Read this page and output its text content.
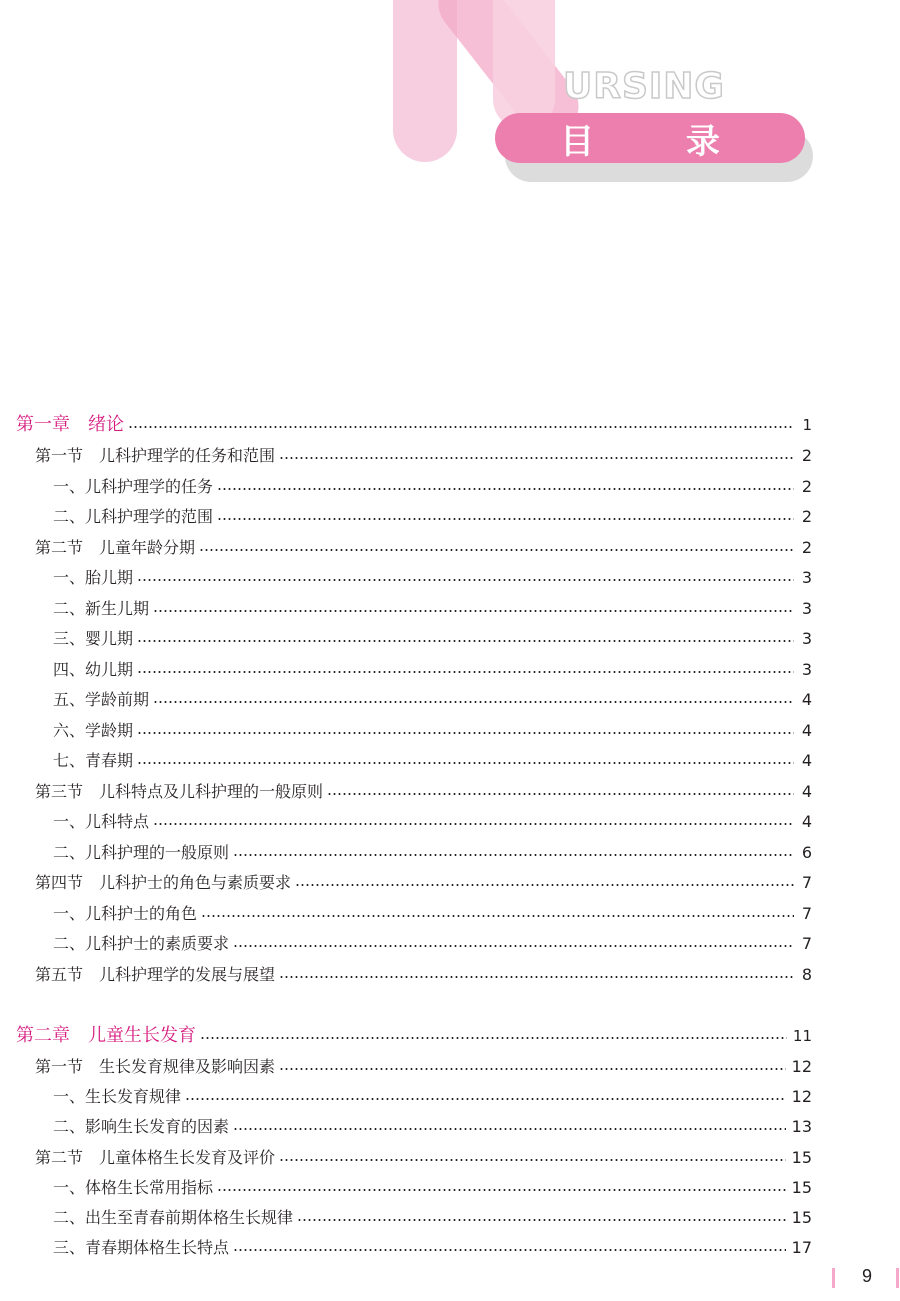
URSING
目 录
第一章　绪论	1
第一节　儿科护理学的任务和范围	2
一、儿科护理学的任务	2
二、儿科护理学的范围	2
第二节　儿童年龄分期	2
一、胎儿期	3
二、新生儿期	3
三、婴儿期	3
四、幼儿期	3
五、学龄前期	4
六、学龄期	4
七、青春期	4
第三节　儿科特点及儿科护理的一般原则	4
一、儿科特点	4
二、儿科护理的一般原则	6
第四节　儿科护士的角色与素质要求	7
一、儿科护士的角色	7
二、儿科护士的素质要求	7
第五节　儿科护理学的发展与展望	8
第二章　儿童生长发育	11
第一节　生长发育规律及影响因素	12
一、生长发育规律	12
二、影响生长发育的因素	13
第二节　儿童体格生长发育及评价	15
一、体格生长常用指标	15
二、出生至青春前期体格生长规律	15
三、青春期体格生长特点	17
9
